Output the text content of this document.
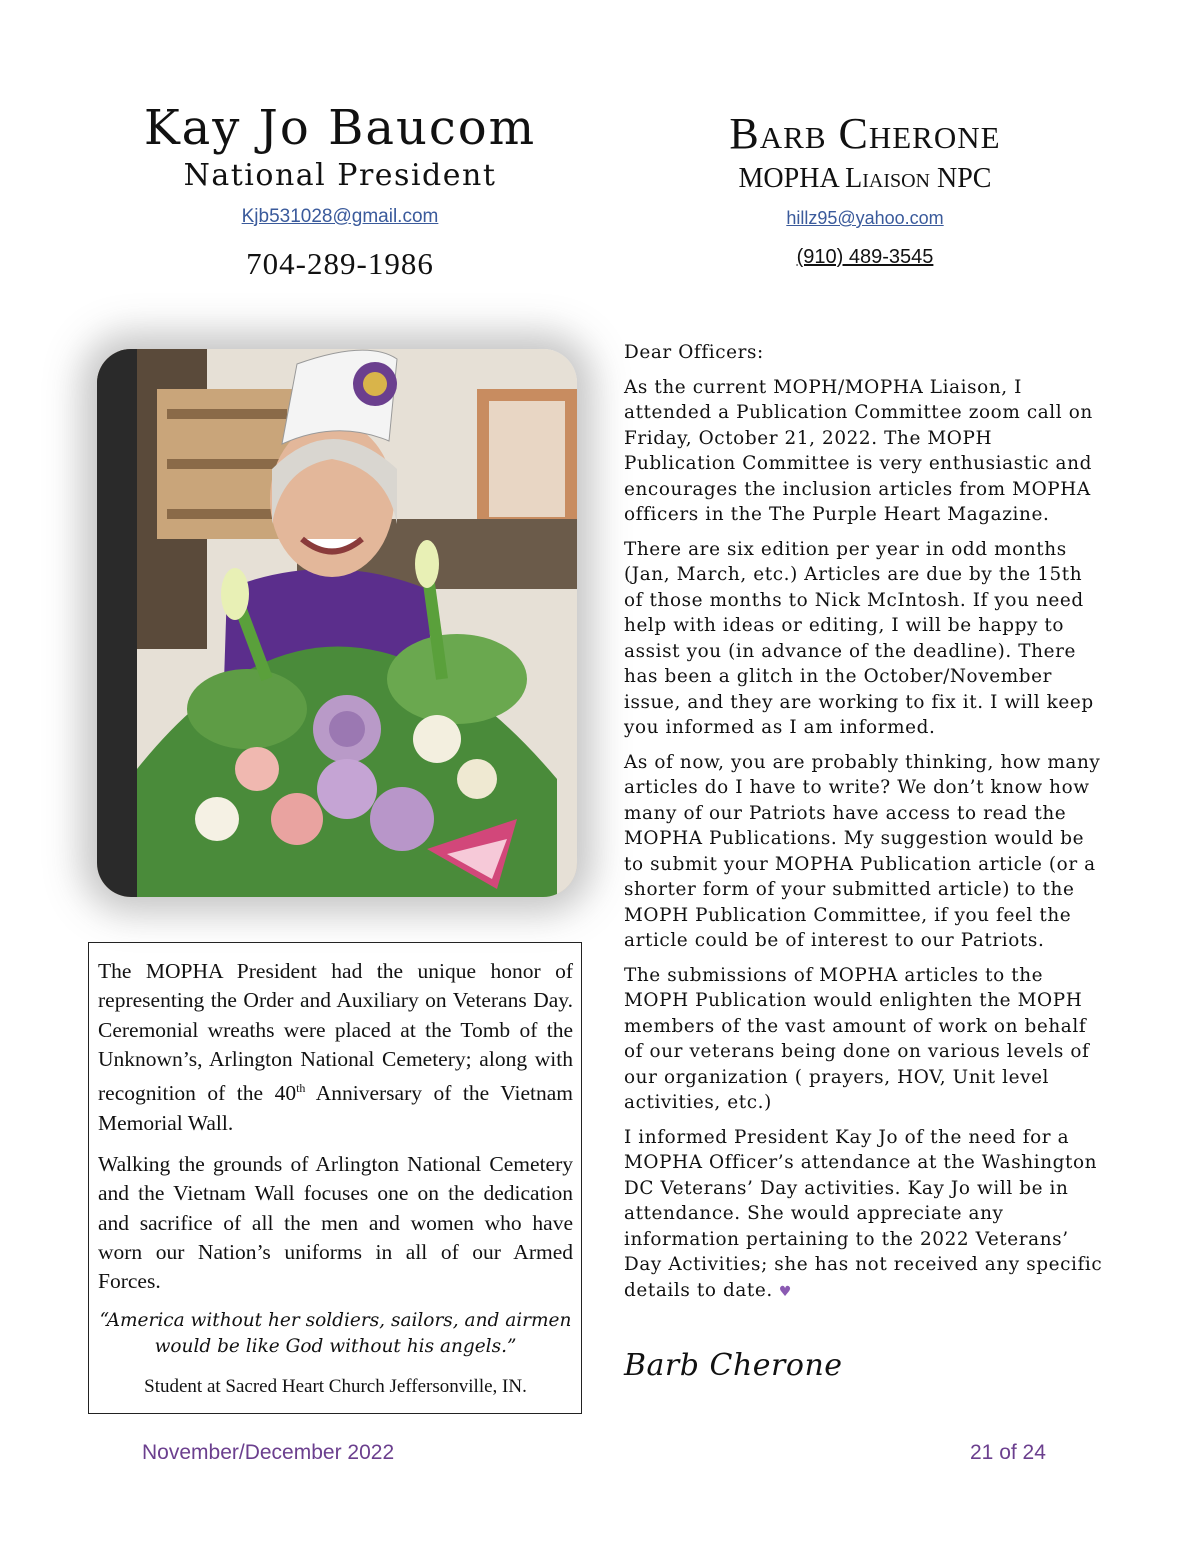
Kay Jo Baucom
National President
Kjb531028@gmail.com
704-289-1986
Barb Cherone
MOPHA Liaison NPC
hillz95@yahoo.com
(910) 489-3545

The MOPHA President had the unique honor of representing the Order and Auxiliary on Veterans Day. Ceremonial wreaths were placed at the Tomb of the Unknown’s, Arlington National Cemetery; along with recognition of the 40th Anniversary of the Vietnam Memorial Wall.

Walking the grounds of Arlington National Cemetery and the Vietnam Wall focuses one on the dedication and sacrifice of all the men and women who have worn our Nation’s uniforms in all of our Armed Forces.

“America without her soldiers, sailors, and airmen would be like God without his angels.”

Student at Sacred Heart Church Jeffersonville, IN.

Dear Officers:

As the current MOPH/MOPHA Liaison, I attended a Publication Committee zoom call on Friday, October 21, 2022. The MOPH Publication Committee is very enthusiastic and encourages the inclusion articles from MOPHA officers in the The Purple Heart Magazine.

There are six edition per year in odd months (Jan, March, etc.) Articles are due by the 15th of those months to Nick McIntosh. If you need help with ideas or editing, I will be happy to assist you (in advance of the deadline). There has been a glitch in the October/November issue, and they are working to fix it. I will keep you informed as I am informed.

As of now, you are probably thinking, how many articles do I have to write? We don’t know how many of our Patriots have access to read the MOPHA Publications. My suggestion would be to submit your MOPHA Publication article (or a shorter form of your submitted article) to the MOPH Publication Committee, if you feel the article could be of interest to our Patriots.

The submissions of MOPHA articles to the MOPH Publication would enlighten the MOPH members of the vast amount of work on behalf of our veterans being done on various levels of our organization ( prayers, HOV, Unit level activities, etc.)

I informed President Kay Jo of the need for a MOPHA Officer’s attendance at the Washington DC Veterans’ Day activities. Kay Jo will be in attendance. She would appreciate any information pertaining to the 2022 Veterans’ Day Activities; she has not received any specific details to date. ♥

Barb Cherone
November/December 2022	21 of 24
